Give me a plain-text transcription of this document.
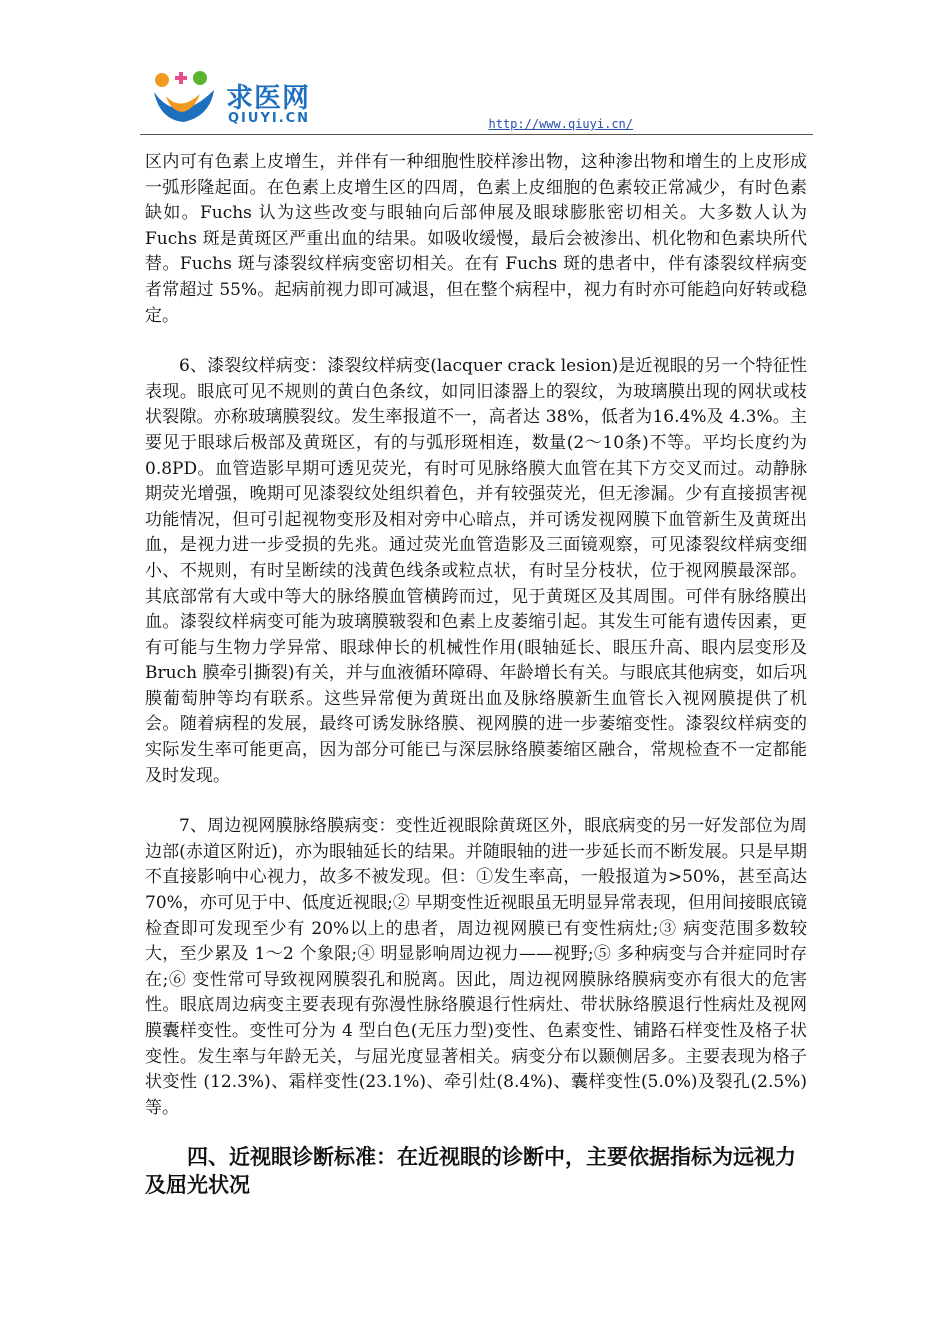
求医网
QIUYI.CN	http://www.qiuyi.cn/

区内可有色素上皮增生，并伴有一种细胞性胶样渗出物，这种渗出物和增生的上皮形成一弧形隆起面。在色素上皮增生区的四周，色素上皮细胞的色素较正常减少，有时色素缺如。Fuchs 认为这些改变与眼轴向后部伸展及眼球膨胀密切相关。大多数人认为Fuchs 斑是黄斑区严重出血的结果。如吸收缓慢，最后会被渗出、机化物和色素块所代替。Fuchs 斑与漆裂纹样病变密切相关。在有 Fuchs 斑的患者中，伴有漆裂纹样病变者常超过 55%。起病前视力即可减退，但在整个病程中，视力有时亦可能趋向好转或稳定。

6、漆裂纹样病变：漆裂纹样病变(lacquer crack lesion)是近视眼的另一个特征性表现。眼底可见不规则的黄白色条纹，如同旧漆器上的裂纹，为玻璃膜出现的网状或枝状裂隙。亦称玻璃膜裂纹。发生率报道不一，高者达 38%，低者为16.4%及 4.3%。主要见于眼球后极部及黄斑区，有的与弧形斑相连，数量(2～10条)不等。平均长度约为 0.8PD。血管造影早期可透见荧光，有时可见脉络膜大血管在其下方交叉而过。动静脉期荧光增强，晚期可见漆裂纹处组织着色，并有较强荧光，但无渗漏。少有直接损害视功能情况，但可引起视物变形及相对旁中心暗点，并可诱发视网膜下血管新生及黄斑出血，是视力进一步受损的先兆。通过荧光血管造影及三面镜观察，可见漆裂纹样病变细小、不规则，有时呈断续的浅黄色线条或粒点状，有时呈分枝状，位于视网膜最深部。其底部常有大或中等大的脉络膜血管横跨而过，见于黄斑区及其周围。可伴有脉络膜出血。漆裂纹样病变可能为玻璃膜皲裂和色素上皮萎缩引起。其发生可能有遗传因素，更有可能与生物力学异常、眼球伸长的机械性作用(眼轴延长、眼压升高、眼内层变形及Bruch 膜牵引撕裂)有关，并与血液循环障碍、年龄增长有关。与眼底其他病变，如后巩膜葡萄肿等均有联系。这些异常便为黄斑出血及脉络膜新生血管长入视网膜提供了机会。随着病程的发展，最终可诱发脉络膜、视网膜的进一步萎缩变性。漆裂纹样病变的实际发生率可能更高，因为部分可能已与深层脉络膜萎缩区融合，常规检查不一定都能及时发现。

7、周边视网膜脉络膜病变：变性近视眼除黄斑区外，眼底病变的另一好发部位为周边部(赤道区附近)，亦为眼轴延长的结果。并随眼轴的进一步延长而不断发展。只是早期不直接影响中心视力，故多不被发现。但：①发生率高，一般报道为>50%，甚至高达 70%，亦可见于中、低度近视眼;② 早期变性近视眼虽无明显异常表现，但用间接眼底镜检查即可发现至少有 20%以上的患者，周边视网膜已有变性病灶;③ 病变范围多数较大，至少累及 1～2 个象限;④ 明显影响周边视力——视野;⑤ 多种病变与合并症同时存在;⑥ 变性常可导致视网膜裂孔和脱离。因此，周边视网膜脉络膜病变亦有很大的危害性。眼底周边病变主要表现有弥漫性脉络膜退行性病灶、带状脉络膜退行性病灶及视网膜囊样变性。变性可分为 4 型白色(无压力型)变性、色素变性、铺路石样变性及格子状变性。发生率与年龄无关，与屈光度显著相关。病变分布以颞侧居多。主要表现为格子状变性 (12.3%)、霜样变性(23.1%)、牵引灶(8.4%)、囊样变性(5.0%)及裂孔(2.5%)等。

四、近视眼诊断标准：在近视眼的诊断中，主要依据指标为远视力及屈光状况
